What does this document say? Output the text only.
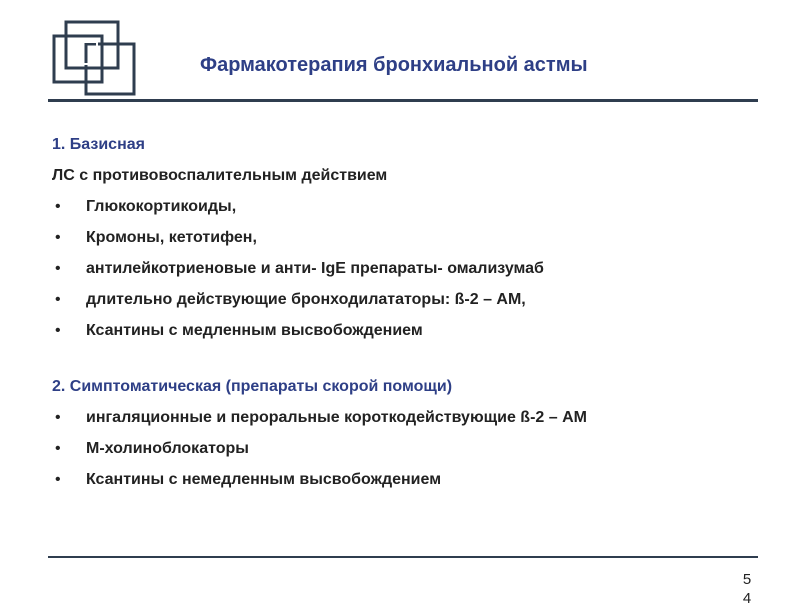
Фармакотерапия бронхиальной астмы
1. Базисная
ЛС с противовоспалительным действием
• Глюкокортикоиды,
• Кромоны, кетотифен,
• антилейкотриеновые и анти- IgE препараты- омализумаб
• длительно действующие бронходилататоры: ß-2 – АМ,
• Ксантины с медленным высвобождением
2. Симптоматическая (препараты скорой помощи)
• ингаляционные и пероральные короткодействующие ß-2 – АМ
• М-холиноблокаторы
• Ксантины с немедленным высвобождением
54
